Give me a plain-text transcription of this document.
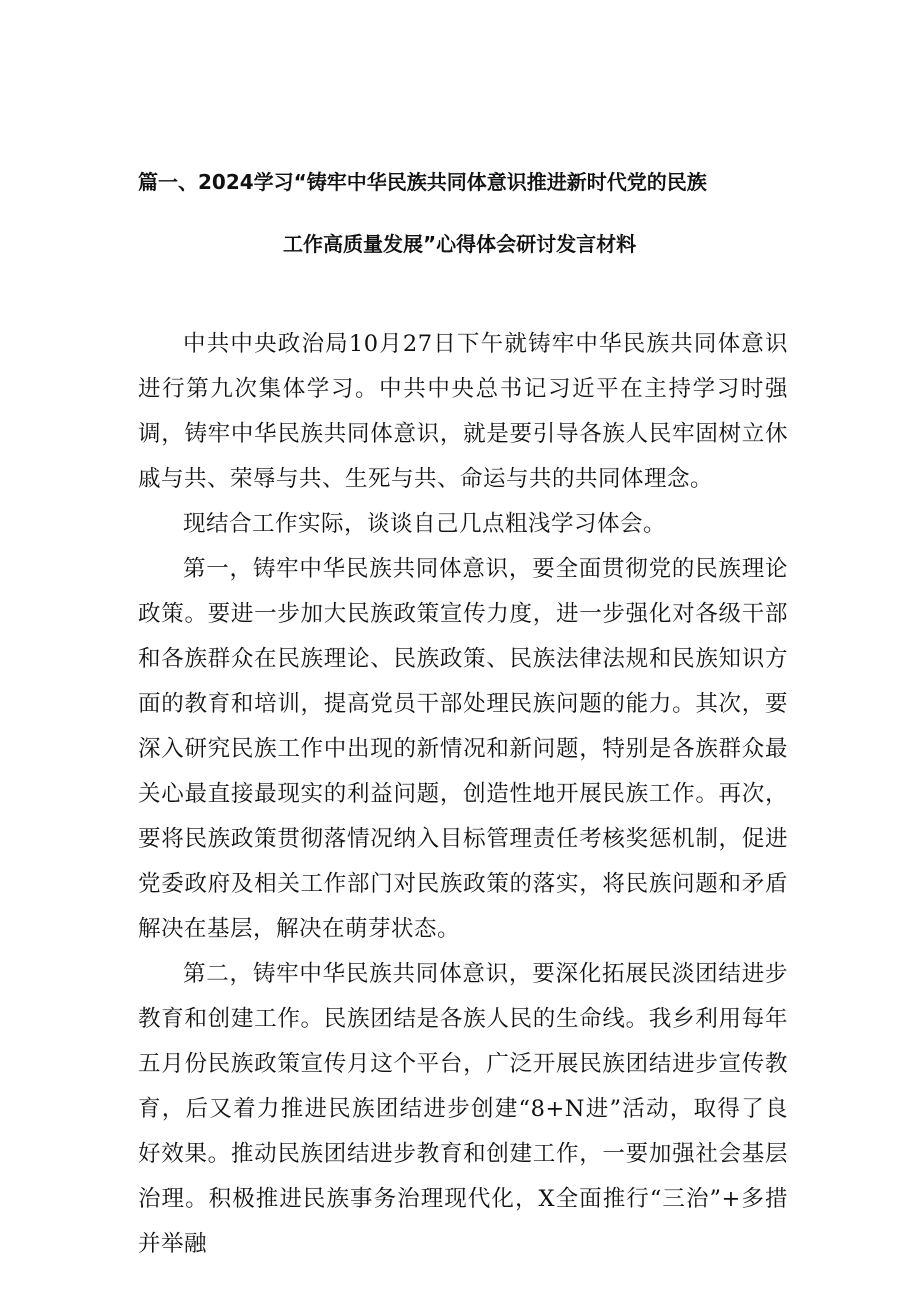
篇一、2024学习“铸牢中华民族共同体意识推进新时代党的民族
工作高质量发展”心得体会研讨发言材料

中共中央政治局10月27日下午就铸牢中华民族共同体意识进行第九次集体学习。中共中央总书记习近平在主持学习时强调，铸牢中华民族共同体意识，就是要引导各族人民牢固树立休戚与共、荣辱与共、生死与共、命运与共的共同体理念。

现结合工作实际，谈谈自己几点粗浅学习体会。

第一，铸牢中华民族共同体意识，要全面贯彻党的民族理论政策。要进一步加大民族政策宣传力度，进一步强化对各级干部和各族群众在民族理论、民族政策、民族法律法规和民族知识方面的教育和培训，提高党员干部处理民族问题的能力。其次，要深入研究民族工作中出现的新情况和新问题，特别是各族群众最关心最直接最现实的利益问题，创造性地开展民族工作。再次，要将民族政策贯彻落情况纳入目标管理责任考核奖惩机制，促进党委政府及相关工作部门对民族政策的落实，将民族问题和矛盾解决在基层，解决在萌芽状态。

第二，铸牢中华民族共同体意识，要深化拓展民淡团结进步教育和创建工作。民族团结是各族人民的生命线。我乡利用每年五月份民族政策宣传月这个平台，广泛开展民族团结进步宣传教育，后又着力推进民族团结进步创建“8+N进”活动，取得了良好效果。推动民族团结进步教育和创建工作，一要加强社会基层治理。积极推进民族事务治理现代化，X全面推行“三治”+多措并举融
